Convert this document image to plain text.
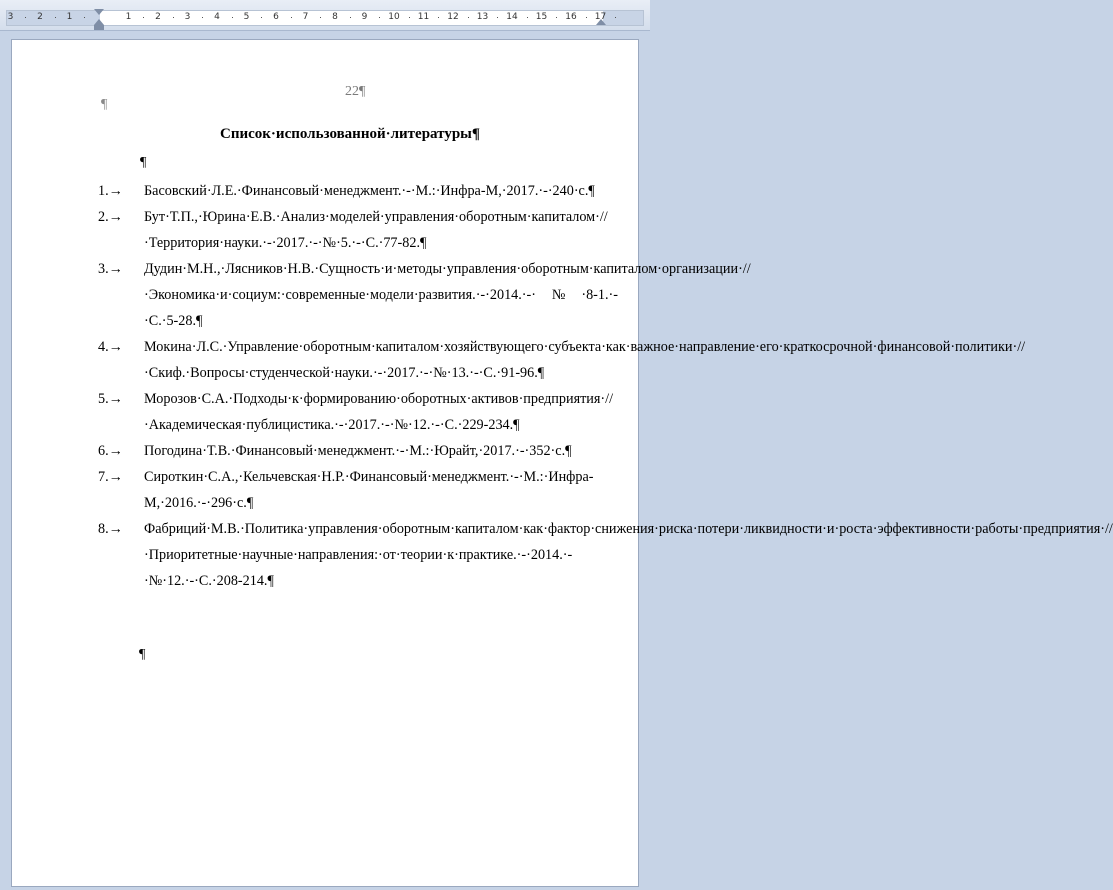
3	2	1	1	2	3	4	5	6	7	8	9 10 11 12 13 14 15 16 17
22¶
¶
Список·использованной·литературы¶
¶
1.→ Басовский·Л.Е.·Финансовый·менеджмент.·-·М.:·Инфра-М,·2017.·-·240·с.¶
2.→ Бут·Т.П.,·Юрина·Е.В.·Анализ·моделей·управления·оборотным·капиталом·//·Территория·науки.·-·2017.·-·№·5.·-·С.·77-82.¶
3.→ Дудин·М.Н.,·Лясников·Н.В.·Сущность·и·методы·управления·оборотным·капиталом·организации·//·Экономика·и·социум:·современные·модели·развития.·-·2014.·-·№·8-1.·-·С.·5-28.¶
4.→ Мокина·Л.С.·Управление·оборотным·капиталом·хозяйствующего·субъекта·как·важное·направление·его·краткосрочной·финансовой·политики·//·Скиф.·Вопросы·студенческой·науки.·-·2017.·-·№·13.·-·С.·91-96.¶
5.→ Морозов·С.А.·Подходы·к·формированию·оборотных·активов·предприятия·//·Академическая·публицистика.·-·2017.·-·№·12.·-·С.·229-234.¶
6.→ Погодина·Т.В.·Финансовый·менеджмент.·-·М.:·Юрайт,·2017.·-·352·с.¶
7.→ Сироткин·С.А.,·Кельчевская·Н.Р.·Финансовый·менеджмент.·-·М.:·Инфра-М,·2016.·-·296·с.¶
8.→ Фабриций·М.В.·Политика·управления·оборотным·капиталом·как·фактор·снижения·риска·потери·ликвидности·и·роста·эффективности·работы·предприятия·//·Приоритетные·научные·направления:·от·теории·к·практике.·-·2014.·-·№·12.·-·С.·208-214.¶
¶
